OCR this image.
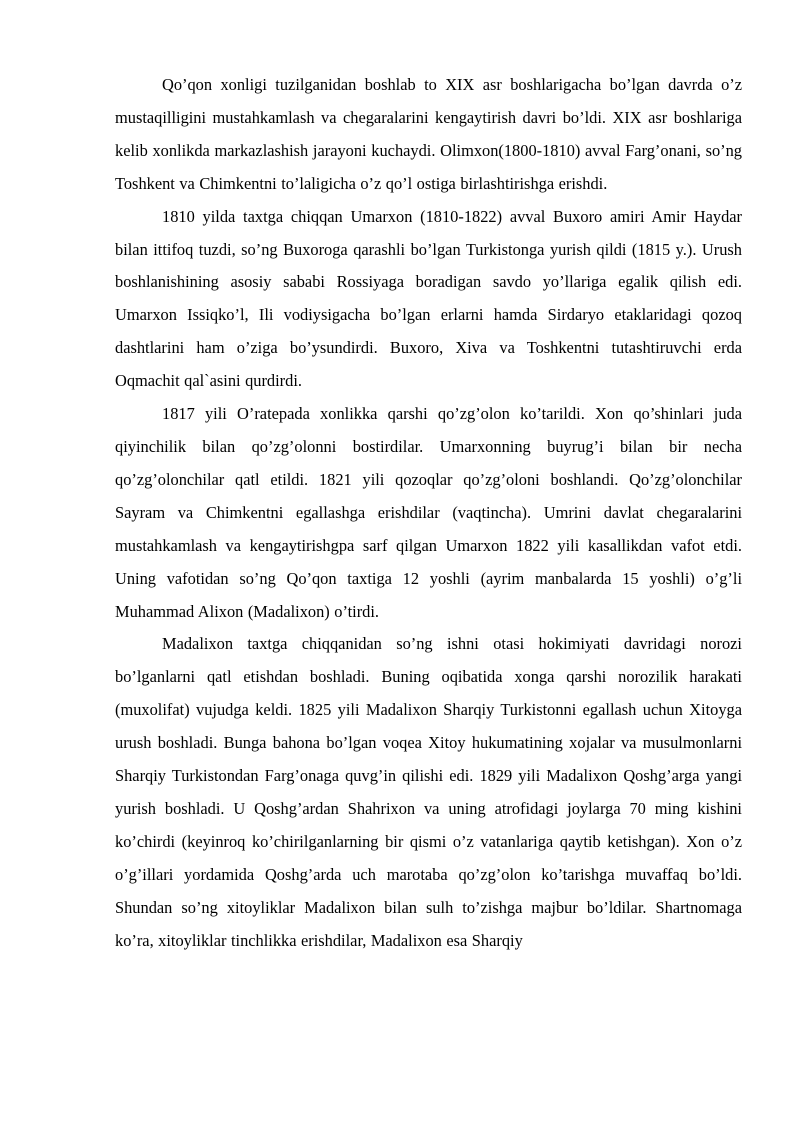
Qo’qon xonligi tuzilganidan boshlab to XIX asr boshlarigacha bo’lgan davrda o’z mustaqilligini mustahkamlash va chegaralarini kengaytirish davri bo’ldi. XIX asr boshlariga kelib xonlikda markazlashish jarayoni kuchaydi. Olimxon(1800-1810) avval Farg’onani, so’ng Toshkent va Chimkentni to’laligicha o’z qo’l ostiga birlashtirishga erishdi.

1810 yilda taxtga chiqqan Umarxon (1810-1822) avval Buxoro amiri Amir Haydar bilan ittifoq tuzdi, so’ng Buxoroga qarashli bo’lgan Turkistonga yurish qildi (1815 y.). Urush boshlanishining asosiy sababi Rossiyaga boradigan savdo yo’llariga egalik qilish edi. Umarxon Issiqko’l, Ili vodiysigacha bo’lgan erlarni hamda Sirdaryo etaklaridagi qozoq dashtlarini ham o’ziga bo’ysundirdi. Buxoro, Xiva va Toshkentni tutashtiruvchi erda Oqmachit qal`asini qurdirdi.

1817 yili O’ratepada xonlikka qarshi qo’zg’olon ko’tarildi. Xon qo’shinlari juda qiyinchilik bilan qo’zg’olonni bostirdilar. Umarxonning buyrug’i bilan bir necha qo’zg’olonchilar qatl etildi. 1821 yili qozoqlar qo’zg’oloni boshlandi. Qo’zg’olonchilar Sayram va Chimkentni egallashga erishdilar (vaqtincha). Umrini davlat chegaralarini mustahkamlash va kengaytirishgpa sarf qilgan Umarxon 1822 yili kasallikdan vafot etdi. Uning vafotidan so’ng Qo’qon taxtiga 12 yoshli (ayrim manbalarda 15 yoshli) o’g’li Muhammad Alixon (Madalixon) o’tirdi.

Madalixon taxtga chiqqanidan so’ng ishni otasi hokimiyati davridagi norozi bo’lganlarni qatl etishdan boshladi. Buning oqibatida xonga qarshi norozilik harakati (muxolifat) vujudga keldi. 1825 yili Madalixon Sharqiy Turkistonni egallash uchun Xitoyga urush boshladi. Bunga bahona bo’lgan voqea Xitoy hukumatining xojalar va musulmonlarni Sharqiy Turkistondan Farg’onaga quvg’in qilishi edi. 1829 yili Madalixon Qoshg’arga yangi yurish boshladi. U Qoshg’ardan Shahrixon va uning atrofidagi joylarga 70 ming kishini ko’chirdi (keyinroq ko’chirilganlarning bir qismi o’z vatanlariga qaytib ketishgan). Xon o’z o’g’illari yordamida Qoshg’arda uch marotaba qo’zg’olon ko’tarishga muvaffaq bo’ldi. Shundan so’ng xitoyliklar Madalixon bilan sulh to’zishga majbur bo’ldilar. Shartnomaga ko’ra, xitoyliklar tinchlikka erishdilar, Madalixon esa Sharqiy
